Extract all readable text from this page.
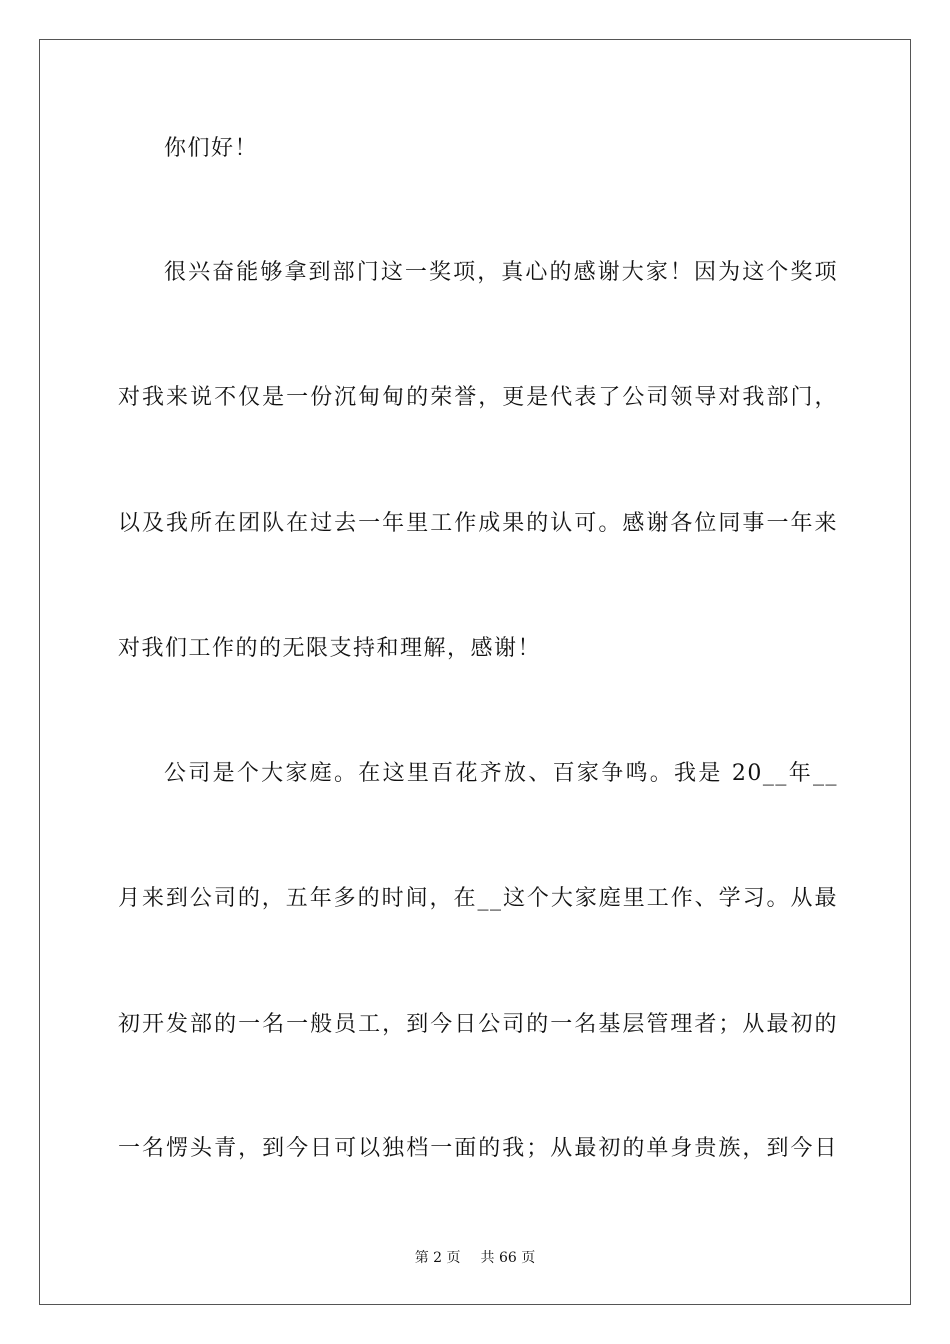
你们好！
很兴奋能够拿到部门这一奖项，真心的感谢大家！因为这个奖项
对我来说不仅是一份沉甸甸的荣誉，更是代表了公司领导对我部门，
以及我所在团队在过去一年里工作成果的认可。感谢各位同事一年来
对我们工作的的无限支持和理解，感谢！
公司是个大家庭。在这里百花齐放、百家争鸣。我是 20__年__
月来到公司的，五年多的时间，在__这个大家庭里工作、学习。从最
初开发部的一名一般员工，到今日公司的一名基层管理者；从最初的
一名愣头青，到今日可以独档一面的我；从最初的单身贵族，到今日
第 2 页 共 66 页
